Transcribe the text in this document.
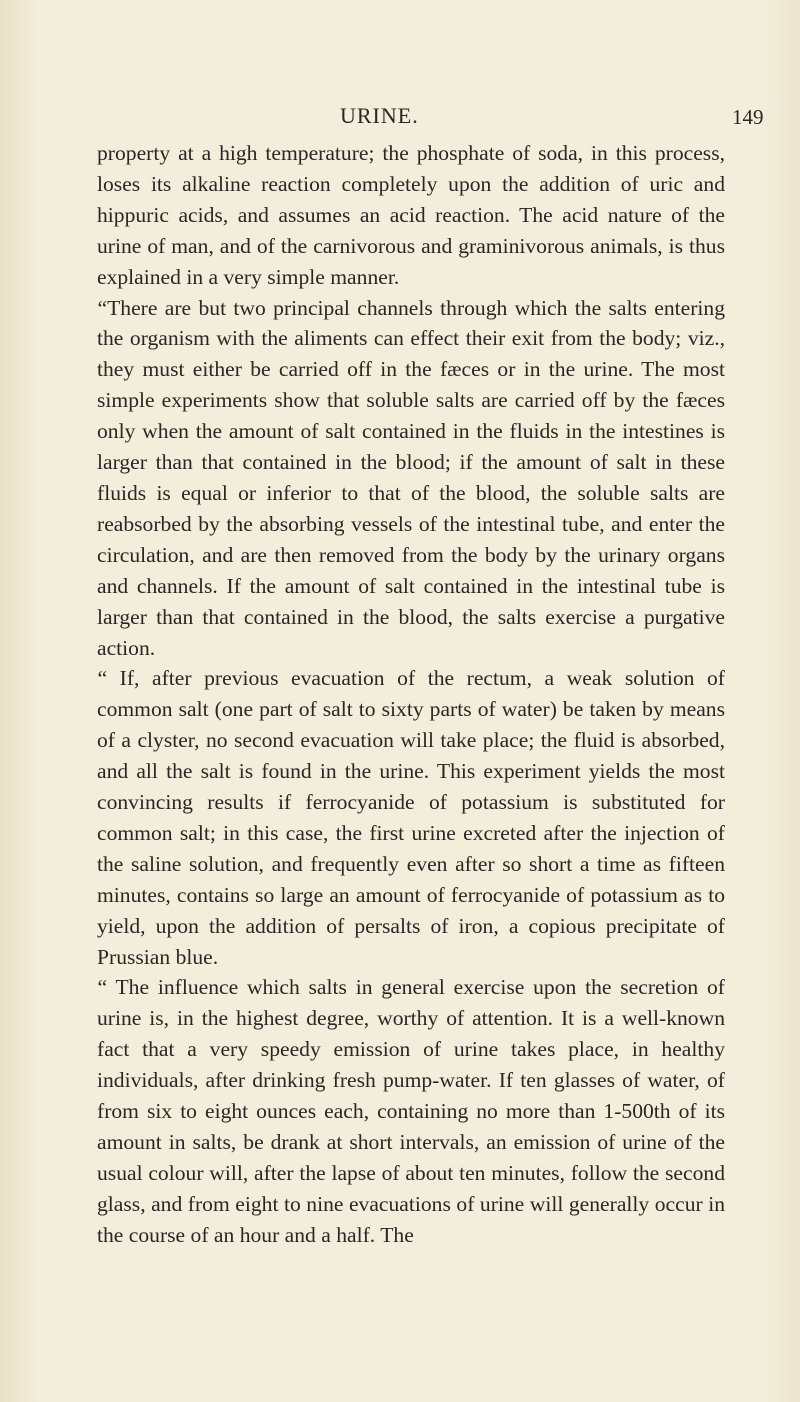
URINE.	149

property at a high temperature; the phosphate of soda, in this process, loses its alkaline reaction completely upon the addition of uric and hippuric acids, and assumes an acid reaction. The acid nature of the urine of man, and of the carnivorous and graminivorous animals, is thus explained in a very simple manner.

“There are but two principal channels through which the salts entering the organism with the aliments can effect their exit from the body; viz., they must either be carried off in the fæces or in the urine. The most simple experiments show that soluble salts are carried off by the fæces only when the amount of salt contained in the fluids in the intestines is larger than that contained in the blood; if the amount of salt in these fluids is equal or inferior to that of the blood, the soluble salts are reabsorbed by the absorbing vessels of the intestinal tube, and enter the circulation, and are then removed from the body by the urinary organs and channels. If the amount of salt contained in the intestinal tube is larger than that contained in the blood, the salts exercise a purgative action.

“ If, after previous evacuation of the rectum, a weak solution of common salt (one part of salt to sixty parts of water) be taken by means of a clyster, no second evacuation will take place; the fluid is absorbed, and all the salt is found in the urine. This experiment yields the most convincing results if ferrocyanide of potassium is substituted for common salt; in this case, the first urine excreted after the injection of the saline solution, and frequently even after so short a time as fifteen minutes, contains so large an amount of ferrocyanide of potassium as to yield, upon the addition of persalts of iron, a copious precipitate of Prussian blue.

“ The influence which salts in general exercise upon the secretion of urine is, in the highest degree, worthy of attention. It is a well-known fact that a very speedy emission of urine takes place, in healthy individuals, after drinking fresh pump-water. If ten glasses of water, of from six to eight ounces each, containing no more than 1-500th of its amount in salts, be drank at short intervals, an emission of urine of the usual colour will, after the lapse of about ten minutes, follow the second glass, and from eight to nine evacuations of urine will generally occur in the course of an hour and a half. The
